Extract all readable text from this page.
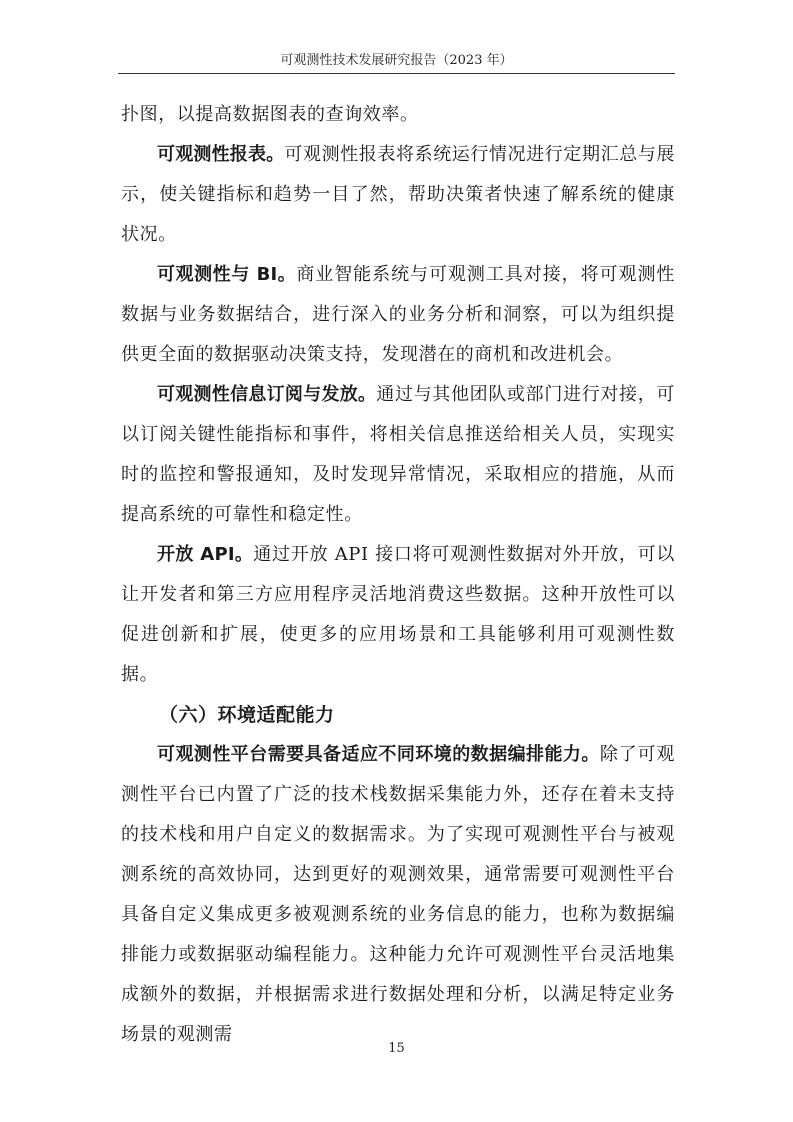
可观测性技术发展研究报告（2023 年）

扑图，以提高数据图表的查询效率。

可观测性报表。可观测性报表将系统运行情况进行定期汇总与展示，使关键指标和趋势一目了然，帮助决策者快速了解系统的健康状况。

可观测性与 BI。商业智能系统与可观测工具对接，将可观测性数据与业务数据结合，进行深入的业务分析和洞察，可以为组织提供更全面的数据驱动决策支持，发现潜在的商机和改进机会。

可观测性信息订阅与发放。通过与其他团队或部门进行对接，可以订阅关键性能指标和事件，将相关信息推送给相关人员，实现实时的监控和警报通知，及时发现异常情况，采取相应的措施，从而提高系统的可靠性和稳定性。

开放 API。通过开放 API 接口将可观测性数据对外开放，可以让开发者和第三方应用程序灵活地消费这些数据。这种开放性可以促进创新和扩展，使更多的应用场景和工具能够利用可观测性数据。

（六）环境适配能力

可观测性平台需要具备适应不同环境的数据编排能力。除了可观测性平台已内置了广泛的技术栈数据采集能力外，还存在着未支持的技术栈和用户自定义的数据需求。为了实现可观测性平台与被观测系统的高效协同，达到更好的观测效果，通常需要可观测性平台具备自定义集成更多被观测系统的业务信息的能力，也称为数据编排能力或数据驱动编程能力。这种能力允许可观测性平台灵活地集成额外的数据，并根据需求进行数据处理和分析，以满足特定业务场景的观测需

15
